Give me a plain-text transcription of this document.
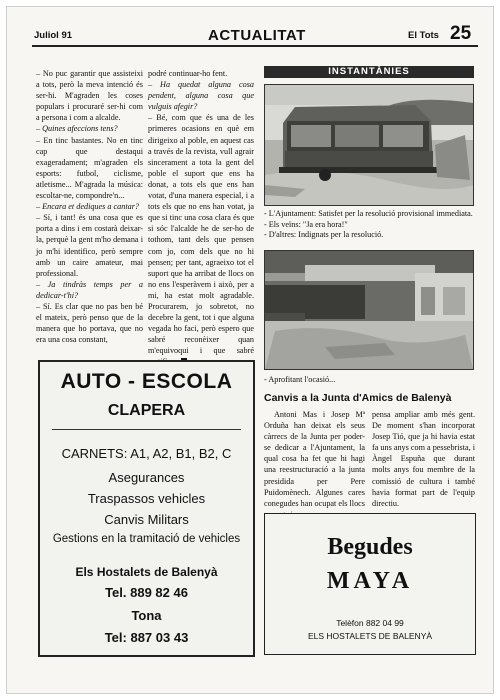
Juliol 91	ACTUALITAT	El Tots 25

– No puc garantir que assisteixi a tots, però la meva intenció és ser-hi. M'agraden les coses populars i procuraré ser-hi com a persona i com a alcalde.

– Quines afeccions tens?

– En tinc bastantes. No en tinc cap que destaqui exageradament; m'agraden els esports: futbol, ciclisme, atletisme... M'agrada la música: escoltar-ne, compondre'n...

– Encara et dediques a cantar?

– Sí, i tant! és una cosa que es porta a dins i em costarà deixar-la, perquè la gent m'ho demana i jo m'hi identifico, però sempre amb un caire amateur, mai professional.

– Ja tindràs temps per a dedicar-t'hi?

– Sí. Es clar que no pas ben bé el mateix, però penso que de la manera que ho portava, que no era una cosa constant,

podré continuar-ho fent.

– Ha quedat alguna cosa pendent, alguna cosa que vulguis afegir?

– Bé, com que és una de les primeres ocasions en què em dirigeixo al poble, en aquest cas a través de la revista, vull agrair sincerament a tota la gent del poble el suport que ens ha donat, a tots els que ens han votat, d'una manera especial, i a tots els que no ens han votat, ja que si tinc una cosa clara és que si sóc l'alcalde he de ser-ho de tothom, tant dels que pensen com jo, com dels que no hi pensen; per tant, agraeixo tot el suport que ha arribat de llocs on no ens l'esperàvem i això, per a mi, ha estat molt agradable. Procurarem, jo sobretot, no decebre la gent, tot i que alguna vegada ho faci, però espero que sabré reconèixer quan m'equivoqui i que sabré

INSTANTÀNIES
- L'Ajuntament: Satisfet per la resolució provisional immediata.
- Els veïns: "Ja era hora!"
- D'altres: Indignats per la resolució.
- Aprofitant l'ocasió...
Canvis a la Junta d'Amics de Balenyà
Antoni Mas i Josep Mª Orduña han deixat els seus càrrecs de la Junta per poder-se dedicar a l'Ajuntament, la qual cosa ha fet que hi hagi una reestructuració a la junta presidida per Pere Puidomènech. Algunes cares conegudes han ocupat els llocs
pensa ampliar amb més gent. De moment s'han incorporat Josep Tió, que ja hi havia estat fa uns anys com a pessebrista, i Àngel Espuña que durant molts anys fou membre de la comissió de cultura i també havia format part de l'equip directiu.
AUTO - ESCOLA
CLAPERA
CARNETS: A1, A2, B1, B2, C
Asegurances
Traspassos vehicles
Canvis Militars
Gestions en la tramitació de vehicles
Els Hostalets de Balenyà
Tel. 889 82 46
Tona
Tel: 887 03 43
Begudes
MAYA
Telèfon 882 04 99
ELS HOSTALETS DE BALENYÀ
